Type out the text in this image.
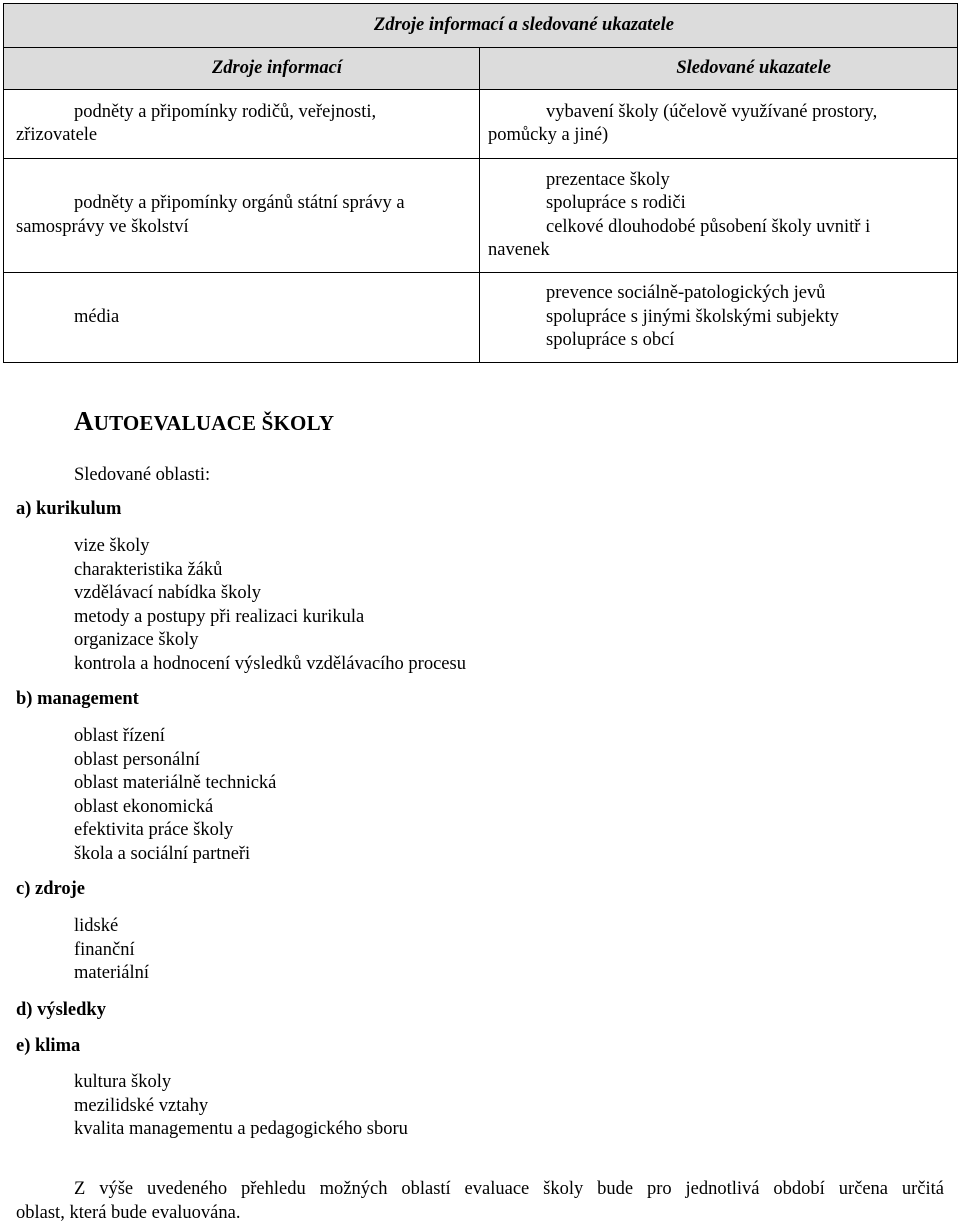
Zdroje informací a sledované ukazatele	
Zdroje informací	Sledované ukazatele

podněty a připomínky rodičů, veřejnosti,
zřizovatele	vybavení školy (účelově využívané prostory,
pomůcky a jiné)

podněty a připomínky orgánů státní správy a
samosprávy ve školství	prezentace školy
spolupráce s rodiči
celkové dlouhodobé působení školy uvnitř i
navenek

média	prevence sociálně-patologických jevů
spolupráce s jinými školskými subjekty
spolupráce s obcí
AUTOEVALUACE ŠKOLY
Sledované oblasti:
a) kurikulum
vize školy
charakteristika žáků
vzdělávací nabídka školy
metody a postupy při realizaci kurikula
organizace školy
kontrola a hodnocení výsledků vzdělávacího procesu
b) management
oblast řízení
oblast personální
oblast materiálně technická
oblast ekonomická
efektivita práce školy
škola a sociální partneři
c) zdroje
lidské
finanční
materiální
d) výsledky
e) klima
kultura školy
mezilidské vztahy
kvalita managementu a pedagogického sboru
Z výše uvedeného přehledu možných oblastí evaluace školy bude pro jednotlivá období určena určitá
oblast, která bude evaluována.
